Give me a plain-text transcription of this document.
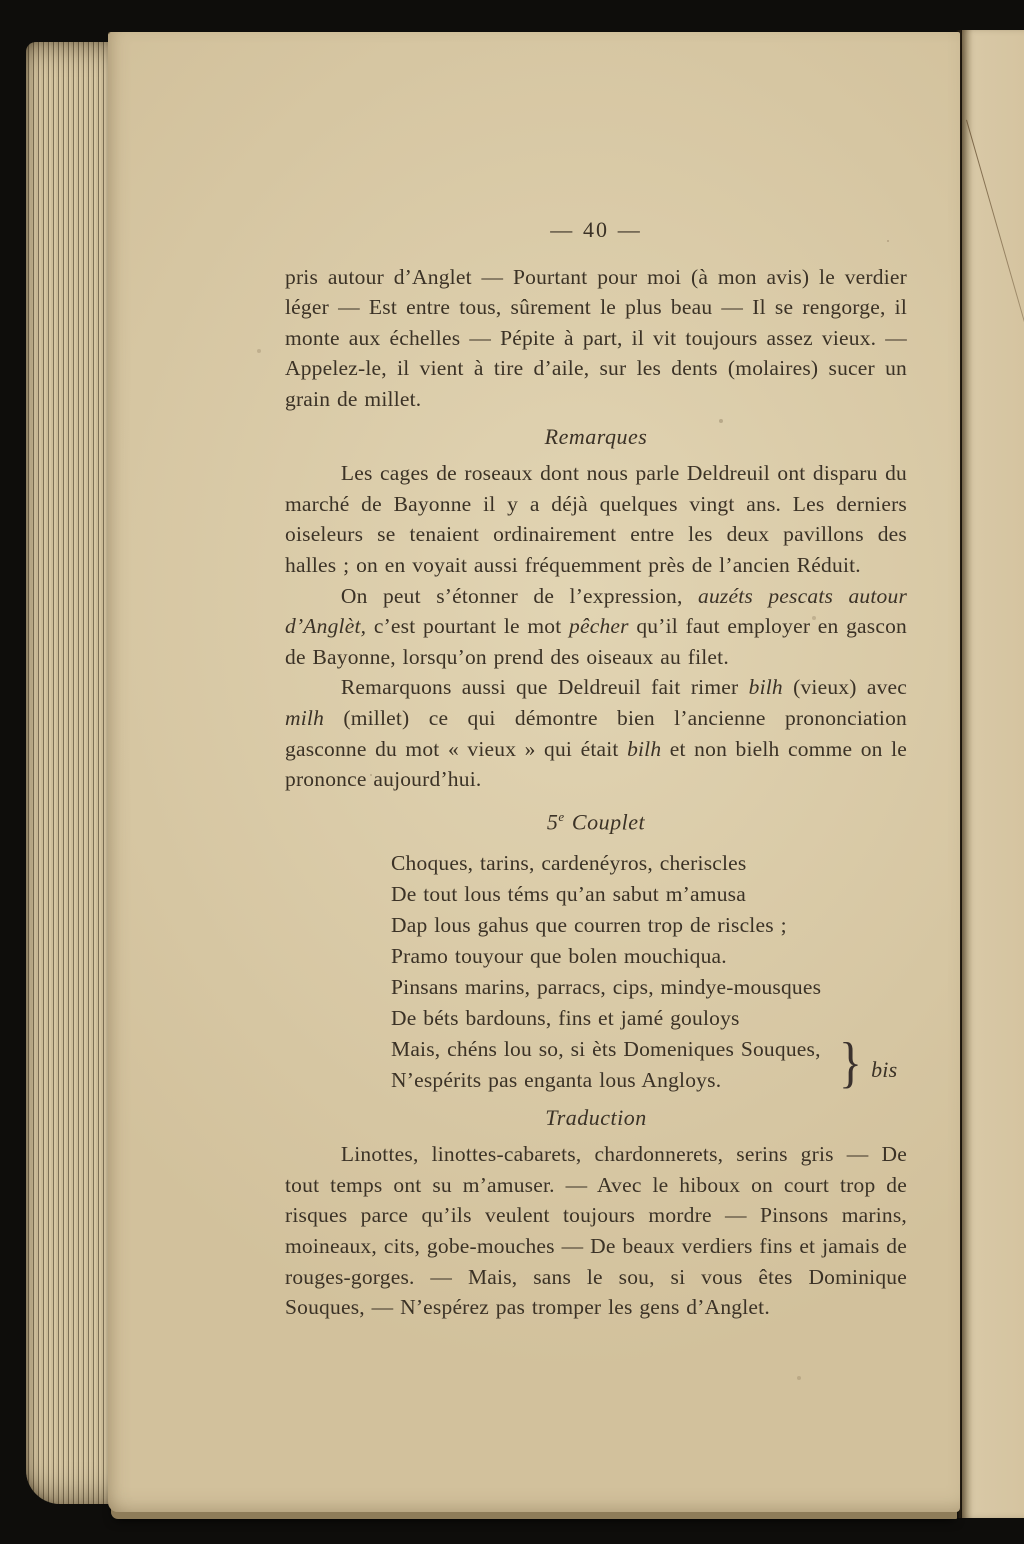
— 40 —

pris autour d’Anglet — Pourtant pour moi (à mon avis) le verdier léger — Est entre tous, sûrement le plus beau — Il se rengorge, il monte aux échelles — Pépite à part, il vit toujours assez vieux. — Appelez-le, il vient à tire d’aile, sur les dents (molaires) sucer un grain de millet.

Remarques

Les cages de roseaux dont nous parle Deldreuil ont disparu du marché de Bayonne il y a déjà quelques vingt ans. Les derniers oiseleurs se tenaient ordinairement entre les deux pavillons des halles ; on en voyait aussi fréquemment près de l’ancien Réduit.

On peut s’étonner de l’expression, auzéts pescats autour d’Anglèt, c’est pourtant le mot pêcher qu’il faut employer en gascon de Bayonne, lorsqu’on prend des oiseaux au filet.

Remarquons aussi que Deldreuil fait rimer bilh (vieux) avec milh (millet) ce qui démontre bien l’ancienne prononciation gasconne du mot « vieux » qui était bilh et non bielh comme on le prononce aujourd’hui.

5e Couplet
Choques, tarins, cardenéyros, cheriscles
De tout lous téms qu’an sabut m’amusa
Dap lous gahus que courren trop de riscles ;
Pramo touyour que bolen mouchiqua.
Pinsans marins, parracs, cips, mindye-mousques
De béts bardouns, fins et jamé gouloys
Mais, chéns lou so, si èts Domeniques Souques,
N’espérits pas enganta lous Angloys.	} bis
Traduction

Linottes, linottes-cabarets, chardonnerets, serins gris — De tout temps ont su m’amuser. — Avec le hiboux on court trop de risques parce qu’ils veulent toujours mordre — Pinsons marins, moineaux, cits, gobe-mouches — De beaux verdiers fins et jamais de rouges-gorges. — Mais, sans le sou, si vous êtes Dominique Souques, — N’espérez pas tromper les gens d’Anglet.
